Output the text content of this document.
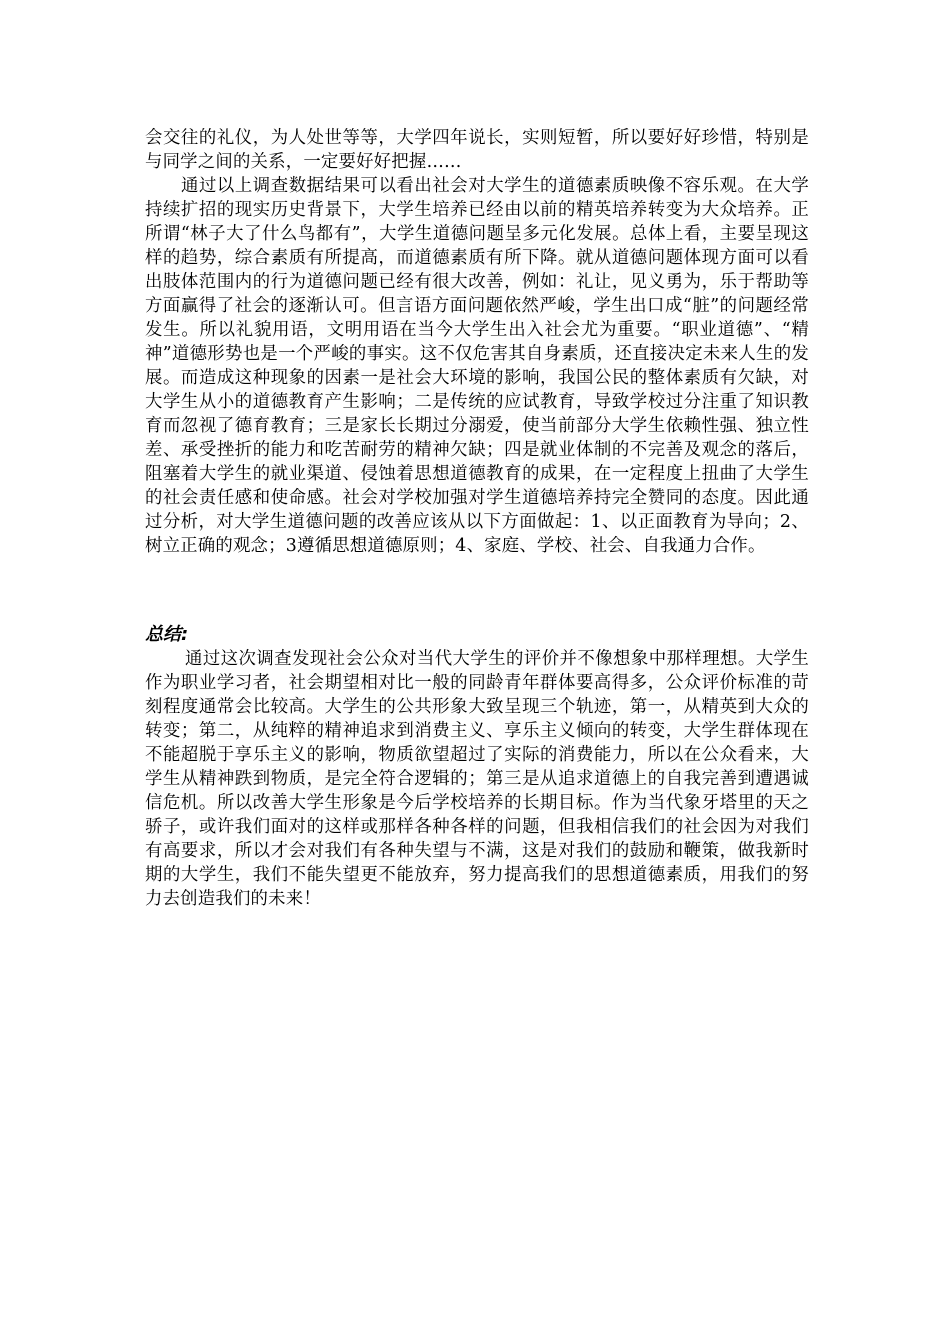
会交往的礼仪，为人处世等等，大学四年说长，实则短暂，所以要好好珍惜，特别是与同学之间的关系，一定要好好把握……
通过以上调查数据结果可以看出社会对大学生的道德素质映像不容乐观。在大学持续扩招的现实历史背景下，大学生培养已经由以前的精英培养转变为大众培养。正所谓“林子大了什么鸟都有”，大学生道德问题呈多元化发展。总体上看，主要呈现这样的趋势，综合素质有所提高，而道德素质有所下降。就从道德问题体现方面可以看出肢体范围内的行为道德问题已经有很大改善，例如：礼让，见义勇为，乐于帮助等方面赢得了社会的逐渐认可。但言语方面问题依然严峻，学生出口成“脏”的问题经常发生。所以礼貌用语，文明用语在当今大学生出入社会尤为重要。“职业道德”、“精神”道德形势也是一个严峻的事实。这不仅危害其自身素质，还直接决定未来人生的发展。而造成这种现象的因素一是社会大环境的影响，我国公民的整体素质有欠缺，对大学生从小的道德教育产生影响；二是传统的应试教育，导致学校过分注重了知识教育而忽视了德育教育；三是家长长期过分溺爱，使当前部分大学生依赖性强、独立性差、承受挫折的能力和吃苦耐劳的精神欠缺；四是就业体制的不完善及观念的落后，阻塞着大学生的就业渠道、侵蚀着思想道德教育的成果，在一定程度上扭曲了大学生的社会责任感和使命感。社会对学校加强对学生道德培养持完全赞同的态度。因此通过分析，对大学生道德问题的改善应该从以下方面做起：1、以正面教育为导向；2、树立正确的观念；3遵循思想道德原则；4、家庭、学校、社会、自我通力合作。
总结:
通过这次调查发现社会公众对当代大学生的评价并不像想象中那样理想。大学生作为职业学习者，社会期望相对比一般的同龄青年群体要高得多，公众评价标准的苛刻程度通常会比较高。大学生的公共形象大致呈现三个轨迹，第一，从精英到大众的转变；第二，从纯粹的精神追求到消费主义、享乐主义倾向的转变，大学生群体现在不能超脱于享乐主义的影响，物质欲望超过了实际的消费能力，所以在公众看来，大学生从精神跌到物质，是完全符合逻辑的；第三是从追求道德上的自我完善到遭遇诚信危机。所以改善大学生形象是今后学校培养的长期目标。作为当代象牙塔里的天之骄子，或许我们面对的这样或那样各种各样的问题，但我相信我们的社会因为对我们有高要求，所以才会对我们有各种失望与不满，这是对我们的鼓励和鞭策，做我新时期的大学生，我们不能失望更不能放弃，努力提高我们的思想道德素质，用我们的努力去创造我们的未来！
